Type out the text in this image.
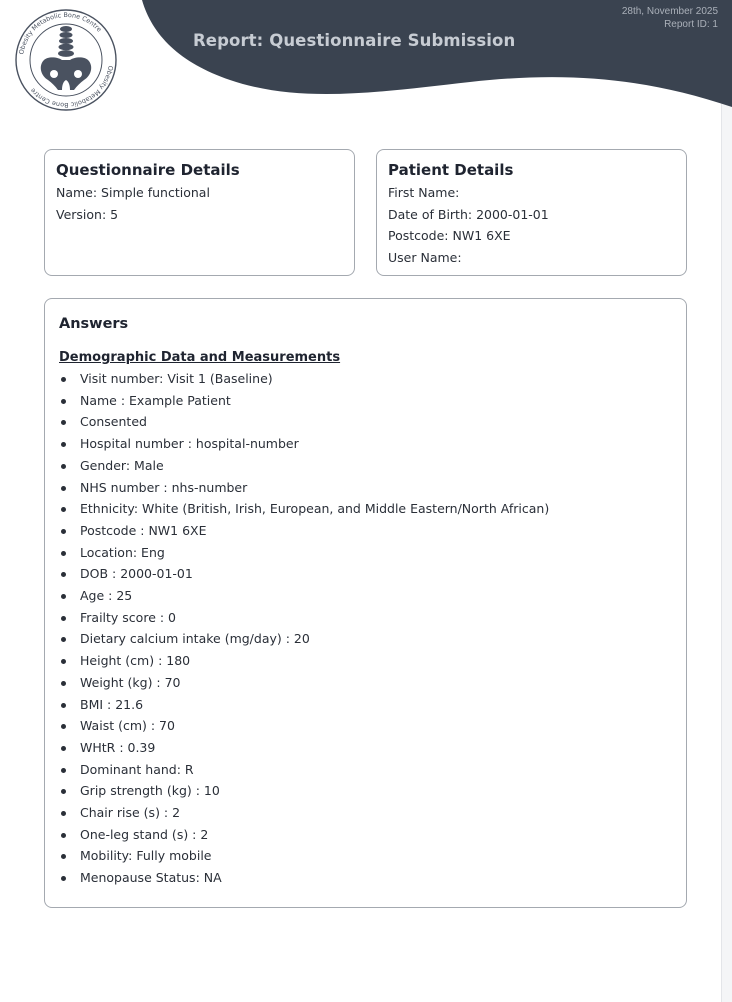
Obesity Metabolic Bone Centre
Obesity Metabolic Bone Centre
Report: Questionnaire Submission
28th, November 2025
Report ID: 1
Questionnaire Details
Name: Simple functional
Version: 5
Patient Details
First Name:
Date of Birth: 2000-01-01
Postcode: NW1 6XE
User Name:
Answers
Demographic Data and Measurements
Visit number: Visit 1 (Baseline)
Name : Example Patient
Consented
Hospital number : hospital-number
Gender: Male
NHS number : nhs-number
Ethnicity: White (British, Irish, European, and Middle Eastern/North African)
Postcode : NW1 6XE
Location: Eng
DOB : 2000-01-01
Age : 25
Frailty score : 0
Dietary calcium intake (mg/day) : 20
Height (cm) : 180
Weight (kg) : 70
BMI : 21.6
Waist (cm) : 70
WHtR : 0.39
Dominant hand: R
Grip strength (kg) : 10
Chair rise (s) : 2
One-leg stand (s) : 2
Mobility: Fully mobile
Menopause Status: NA
